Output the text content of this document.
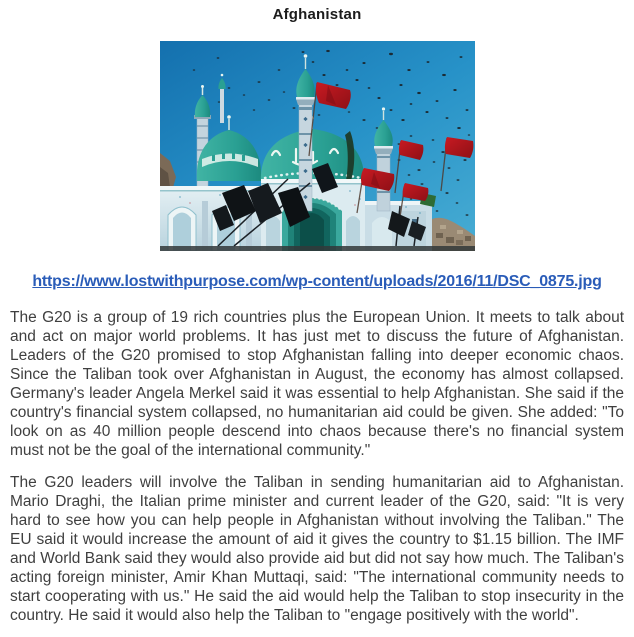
Afghanistan
https://www.lostwithpurpose.com/wp-content/uploads/2016/11/DSC_0875.jpg

The G20 is a group of 19 rich countries plus the European Union. It meets to talk about and act on major world problems. It has just met to discuss the future of Afghanistan. Leaders of the G20 promised to stop Afghanistan falling into deeper economic chaos. Since the Taliban took over Afghanistan in August, the economy has almost collapsed. Germany's leader Angela Merkel said it was essential to help Afghanistan. She said if the country's financial system collapsed, no humanitarian aid could be given. She added: "To look on as 40 million people descend into chaos because there's no financial system must not be the goal of the international community."

The G20 leaders will involve the Taliban in sending humanitarian aid to Afghanistan. Mario Draghi, the Italian prime minister and current leader of the G20, said: "It is very hard to see how you can help people in Afghanistan without involving the Taliban." The EU said it would increase the amount of aid it gives the country to $1.15 billion. The IMF and World Bank said they would also provide aid but did not say how much. The Taliban's acting foreign minister, Amir Khan Muttaqi, said: "The international community needs to start cooperating with us." He said the aid would help the Taliban to stop insecurity in the country. He said it would also help the Taliban to "engage positively with the world".
